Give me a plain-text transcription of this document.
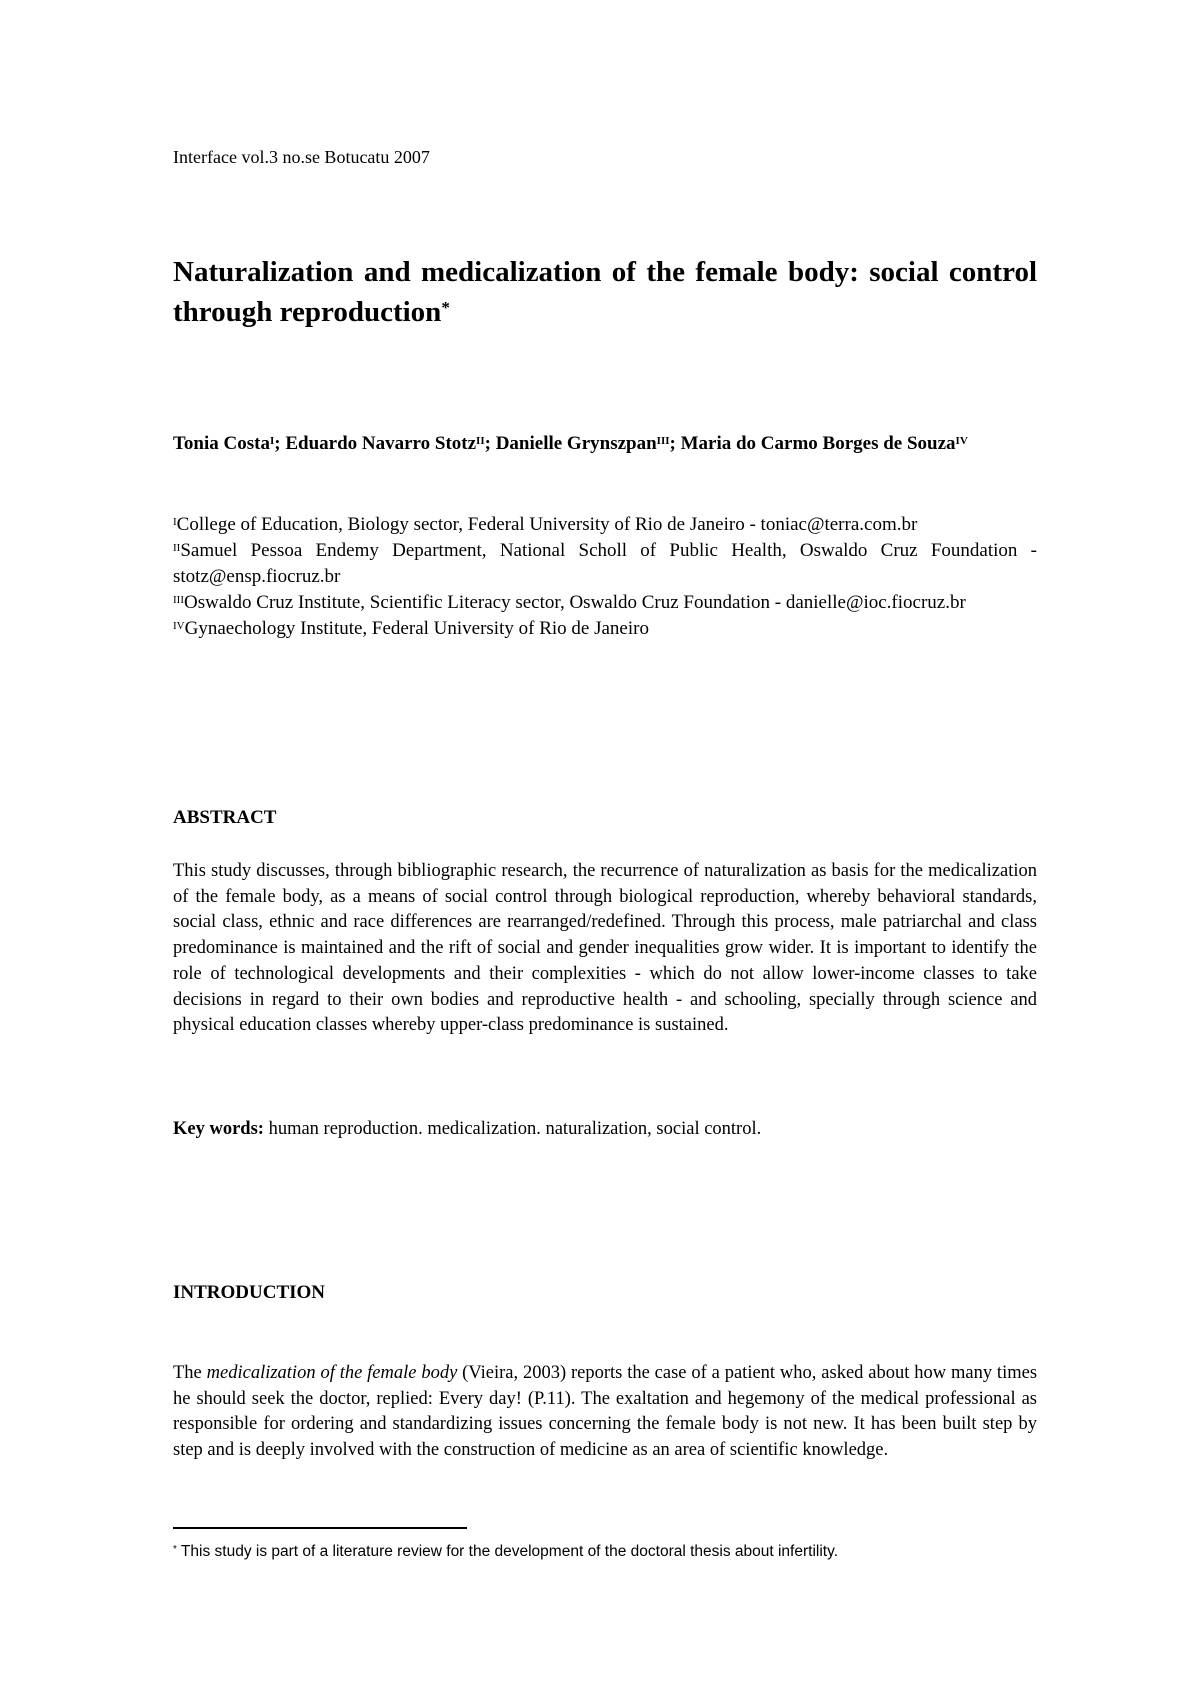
Interface vol.3 no.se Botucatu 2007
Naturalization and medicalization of the female body: social control through reproduction*
Tonia Costa$^I$; Eduardo Navarro Stotz$^{II}$; Danielle Grynszpan$^{III}$; Maria do Carmo Borges de Souza$^{IV}$
$^I$College of Education, Biology sector, Federal University of Rio de Janeiro - toniac@terra.com.br
$^{II}$Samuel Pessoa Endemy Department, National Scholl of Public Health, Oswaldo Cruz Foundation - stotz@ensp.fiocruz.br
$^{III}$Oswaldo Cruz Institute, Scientific Literacy sector, Oswaldo Cruz Foundation - danielle@ioc.fiocruz.br
$^{IV}$Gynaechology Institute, Federal University of Rio de Janeiro
ABSTRACT
This study discusses, through bibliographic research, the recurrence of naturalization as basis for the medicalization of the female body, as a means of social control through biological reproduction, whereby behavioral standards, social class, ethnic and race differences are rearranged/redefined. Through this process, male patriarchal and class predominance is maintained and the rift of social and gender inequalities grow wider. It is important to identify the role of technological developments and their complexities - which do not allow lower-income classes to take decisions in regard to their own bodies and reproductive health - and schooling, specially through science and physical education classes whereby upper-class predominance is sustained.
Key words: human reproduction. medicalization. naturalization, social control.
INTRODUCTION
The medicalization of the female body (Vieira, 2003) reports the case of a patient who, asked about how many times he should seek the doctor, replied: Every day! (P.11). The exaltation and hegemony of the medical professional as responsible for ordering and standardizing issues concerning the female body is not new. It has been built step by step and is deeply involved with the construction of medicine as an area of scientific knowledge.
* This study is part of a literature review for the development of the doctoral thesis about infertility.
